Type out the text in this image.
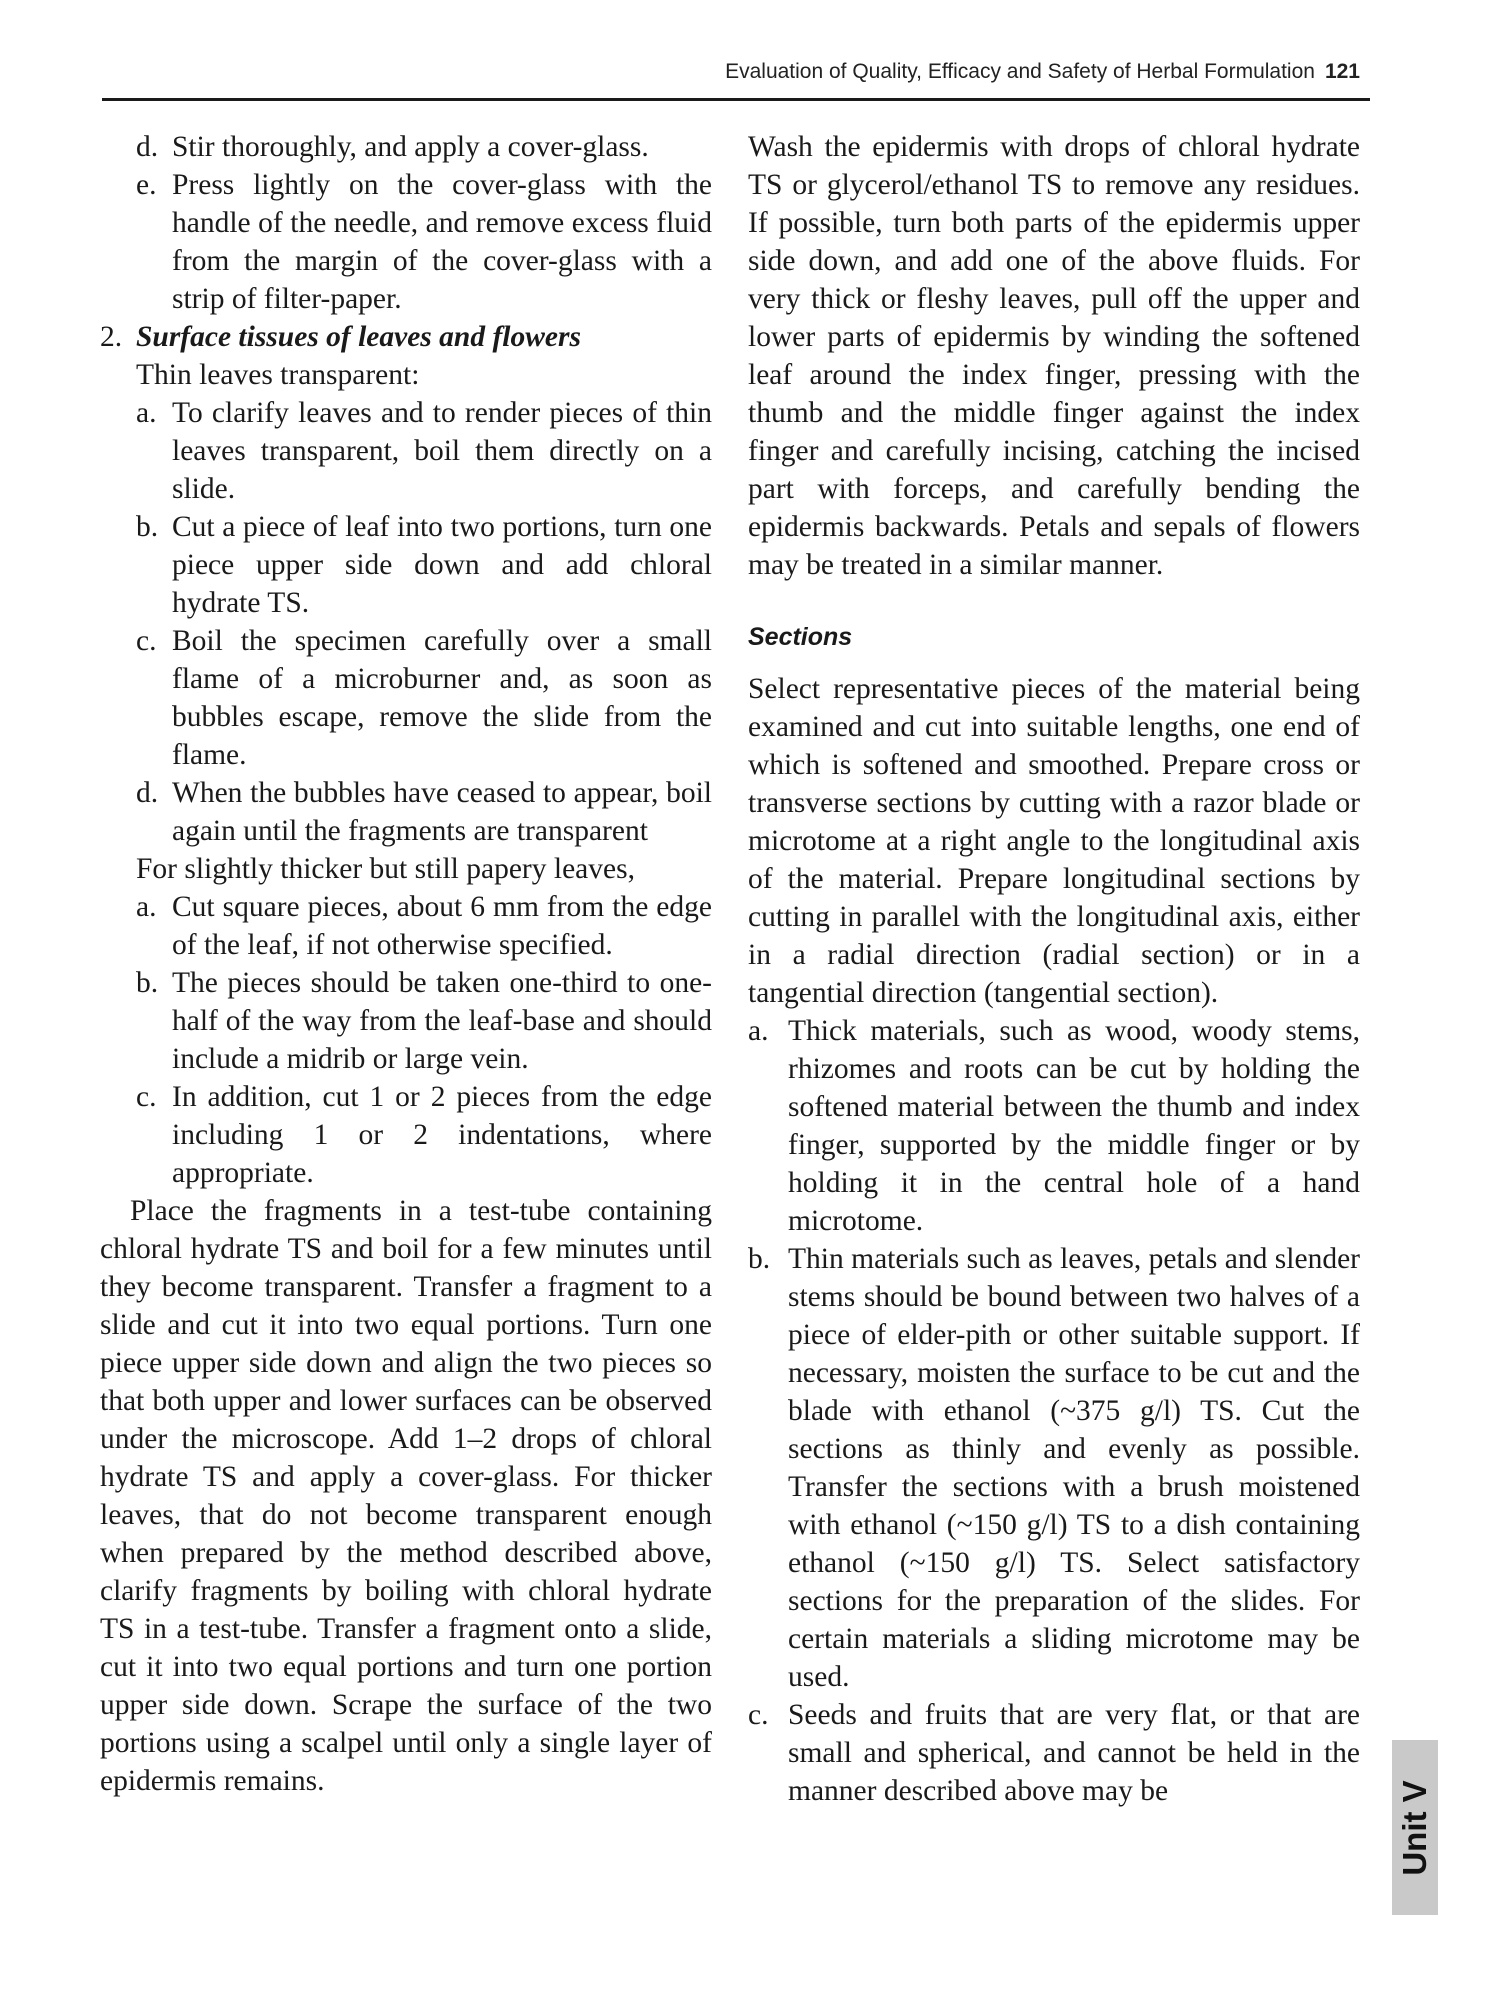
Evaluation of Quality, Efficacy and Safety of Herbal Formulation 121
d. Stir thoroughly, and apply a cover-glass.
e. Press lightly on the cover-glass with the handle of the needle, and remove excess fluid from the margin of the cover-glass with a strip of filter-paper.
2. Surface tissues of leaves and flowers
Thin leaves transparent:
a. To clarify leaves and to render pieces of thin leaves transparent, boil them directly on a slide.
b. Cut a piece of leaf into two portions, turn one piece upper side down and add chloral hydrate TS.
c. Boil the specimen carefully over a small flame of a microburner and, as soon as bubbles escape, remove the slide from the flame.
d. When the bubbles have ceased to appear, boil again until the fragments are transparent
For slightly thicker but still papery leaves,
a. Cut square pieces, about 6 mm from the edge of the leaf, if not otherwise specified.
b. The pieces should be taken one-third to one-half of the way from the leaf-base and should include a midrib or large vein.
c. In addition, cut 1 or 2 pieces from the edge including 1 or 2 indentations, where appropriate.

Place the fragments in a test-tube containing chloral hydrate TS and boil for a few minutes until they become transparent. Transfer a fragment to a slide and cut it into two equal portions. Turn one piece upper side down and align the two pieces so that both upper and lower surfaces can be observed under the microscope. Add 1–2 drops of chloral hydrate TS and apply a cover-glass. For thicker leaves, that do not become transparent enough when prepared by the method described above, clarify fragments by boiling with chloral hydrate TS in a test-tube. Transfer a fragment onto a slide, cut it into two equal portions and turn one portion upper side down. Scrape the surface of the two portions using a scalpel until only a single layer of epidermis remains.

Wash the epidermis with drops of chloral hydrate TS or glycerol/ethanol TS to remove any residues. If possible, turn both parts of the epidermis upper side down, and add one of the above fluids. For very thick or fleshy leaves, pull off the upper and lower parts of epidermis by winding the softened leaf around the index finger, pressing with the thumb and the middle finger against the index finger and carefully incising, catching the incised part with forceps, and carefully bending the epidermis backwards. Petals and sepals of flowers may be treated in a similar manner.

Sections

Select representative pieces of the material being examined and cut into suitable lengths, one end of which is softened and smoothed. Prepare cross or transverse sections by cutting with a razor blade or microtome at a right angle to the longitudinal axis of the material. Prepare longitudinal sections by cutting in parallel with the longitudinal axis, either in a radial direction (radial section) or in a tangential direction (tangential section).

a. Thick materials, such as wood, woody stems, rhizomes and roots can be cut by holding the softened material between the thumb and index finger, supported by the middle finger or by holding it in the central hole of a hand microtome.
b. Thin materials such as leaves, petals and slender stems should be bound between two halves of a piece of elder-pith or other suitable support. If necessary, moisten the surface to be cut and the blade with ethanol (~375 g/l) TS. Cut the sections as thinly and evenly as possible. Transfer the sections with a brush moistened with ethanol (~150 g/l) TS to a dish containing ethanol (~150 g/l) TS. Select satisfactory sections for the preparation of the slides. For certain materials a sliding microtome may be used.
c. Seeds and fruits that are very flat, or that are small and spherical, and cannot be held in the manner described above may be	Unit V
